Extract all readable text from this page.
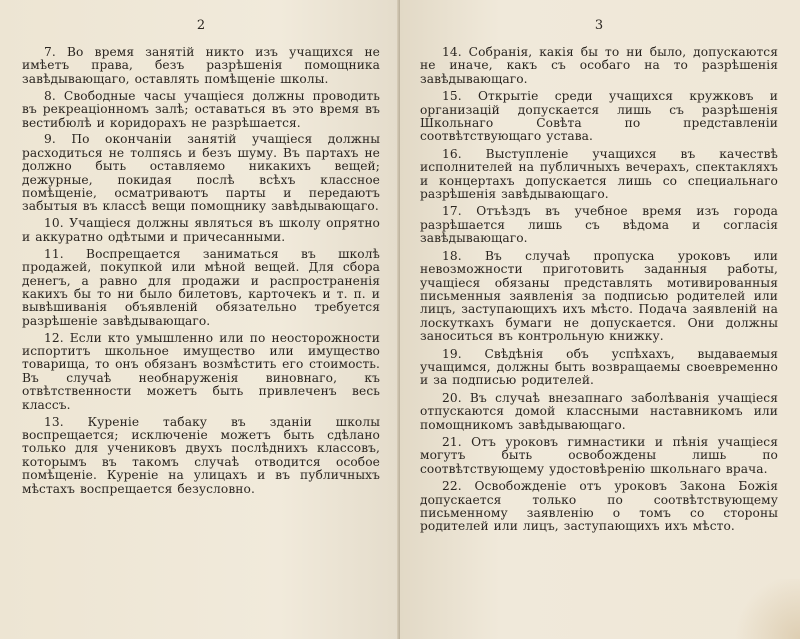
2

7. Во время занятій никто изъ учащихся не имѣетъ права, безъ разрѣшенія помощника завѣдывающаго, оставлять помѣщеніе школы.

8. Свободные часы учащіеся должны проводить въ рекреаціонномъ залѣ; оставаться въ это время въ вестибюлѣ и коридорахъ не разрѣшается.

9. По окончаніи занятій учащіеся должны расходиться не толпясь и безъ шуму. Въ партахъ не должно быть оставляемо никакихъ вещей; дежурные, покидая послѣ всѣхъ классное помѣщеніе, осматриваютъ парты и передаютъ забытыя въ классѣ вещи помощнику завѣдывающаго.

10. Учащіеся должны являться въ школу опрятно и аккуратно одѣтыми и причесанными.

11. Воспрещается заниматься въ школѣ продажей, покупкой или мѣной вещей. Для сбора денегъ, а равно для продажи и распространенія какихъ бы то ни было билетовъ, карточекъ и т. п. и вывѣшиванія объявленій обязательно требуется разрѣшеніе завѣдывающаго.

12. Если кто умышленно или по неосторожности испортитъ школьное имущество или имущество товарища, то онъ обязанъ возмѣстить его стоимость. Въ случаѣ необнаруженія виновнаго, къ отвѣтственности можетъ быть привлеченъ весь классъ.

13. Куреніе табаку въ зданіи школы воспрещается; исключеніе можетъ быть сдѣлано только для учениковъ двухъ послѣднихъ классовъ, которымъ въ такомъ случаѣ отводится особое помѣщеніе. Куреніе на улицахъ и въ публичныхъ мѣстахъ воспрещается безусловно.

3

14. Собранія, какія бы то ни было, допускаются не иначе, какъ съ особаго на то разрѣшенія завѣдывающаго.

15. Открытіе среди учащихся кружковъ и организацій допускается лишь съ разрѣшенія Школьнаго Совѣта по представленіи соотвѣтствующаго устава.

16. Выступленіе учащихся въ качествѣ исполнителей на публичныхъ вечерахъ, спектакляхъ и концертахъ допускается лишь со специальнаго разрѣшенія завѣдывающаго.

17. Отъѣздъ въ учебное время изъ города разрѣшается лишь съ вѣдома и согласія завѣдывающаго.

18. Въ случаѣ пропуска уроковъ или невозможности приготовить заданныя работы, учащіеся обязаны представлять мотивированныя письменныя заявленія за подписью родителей или лицъ, заступающихъ ихъ мѣсто. Подача заявленій на лоскуткахъ бумаги не допускается. Они должны заноситься въ контрольную книжку.

19. Свѣдѣнія объ успѣхахъ, выдаваемыя учащимся, должны быть возвращаемы своевременно и за подписью родителей.

20. Въ случаѣ внезапнаго заболѣванія учащіеся отпускаются домой классными наставникомъ или помощникомъ завѣдывающаго.

21. Отъ уроковъ гимнастики и пѣнія учащіеся могутъ быть освобождены лишь по соотвѣтствующему удостовѣренію школьнаго врача.

22. Освобожденіе отъ уроковъ Закона Божія допускается только по соотвѣтствующему письменному заявленію о томъ со стороны родителей или лицъ, заступающихъ ихъ мѣсто.
